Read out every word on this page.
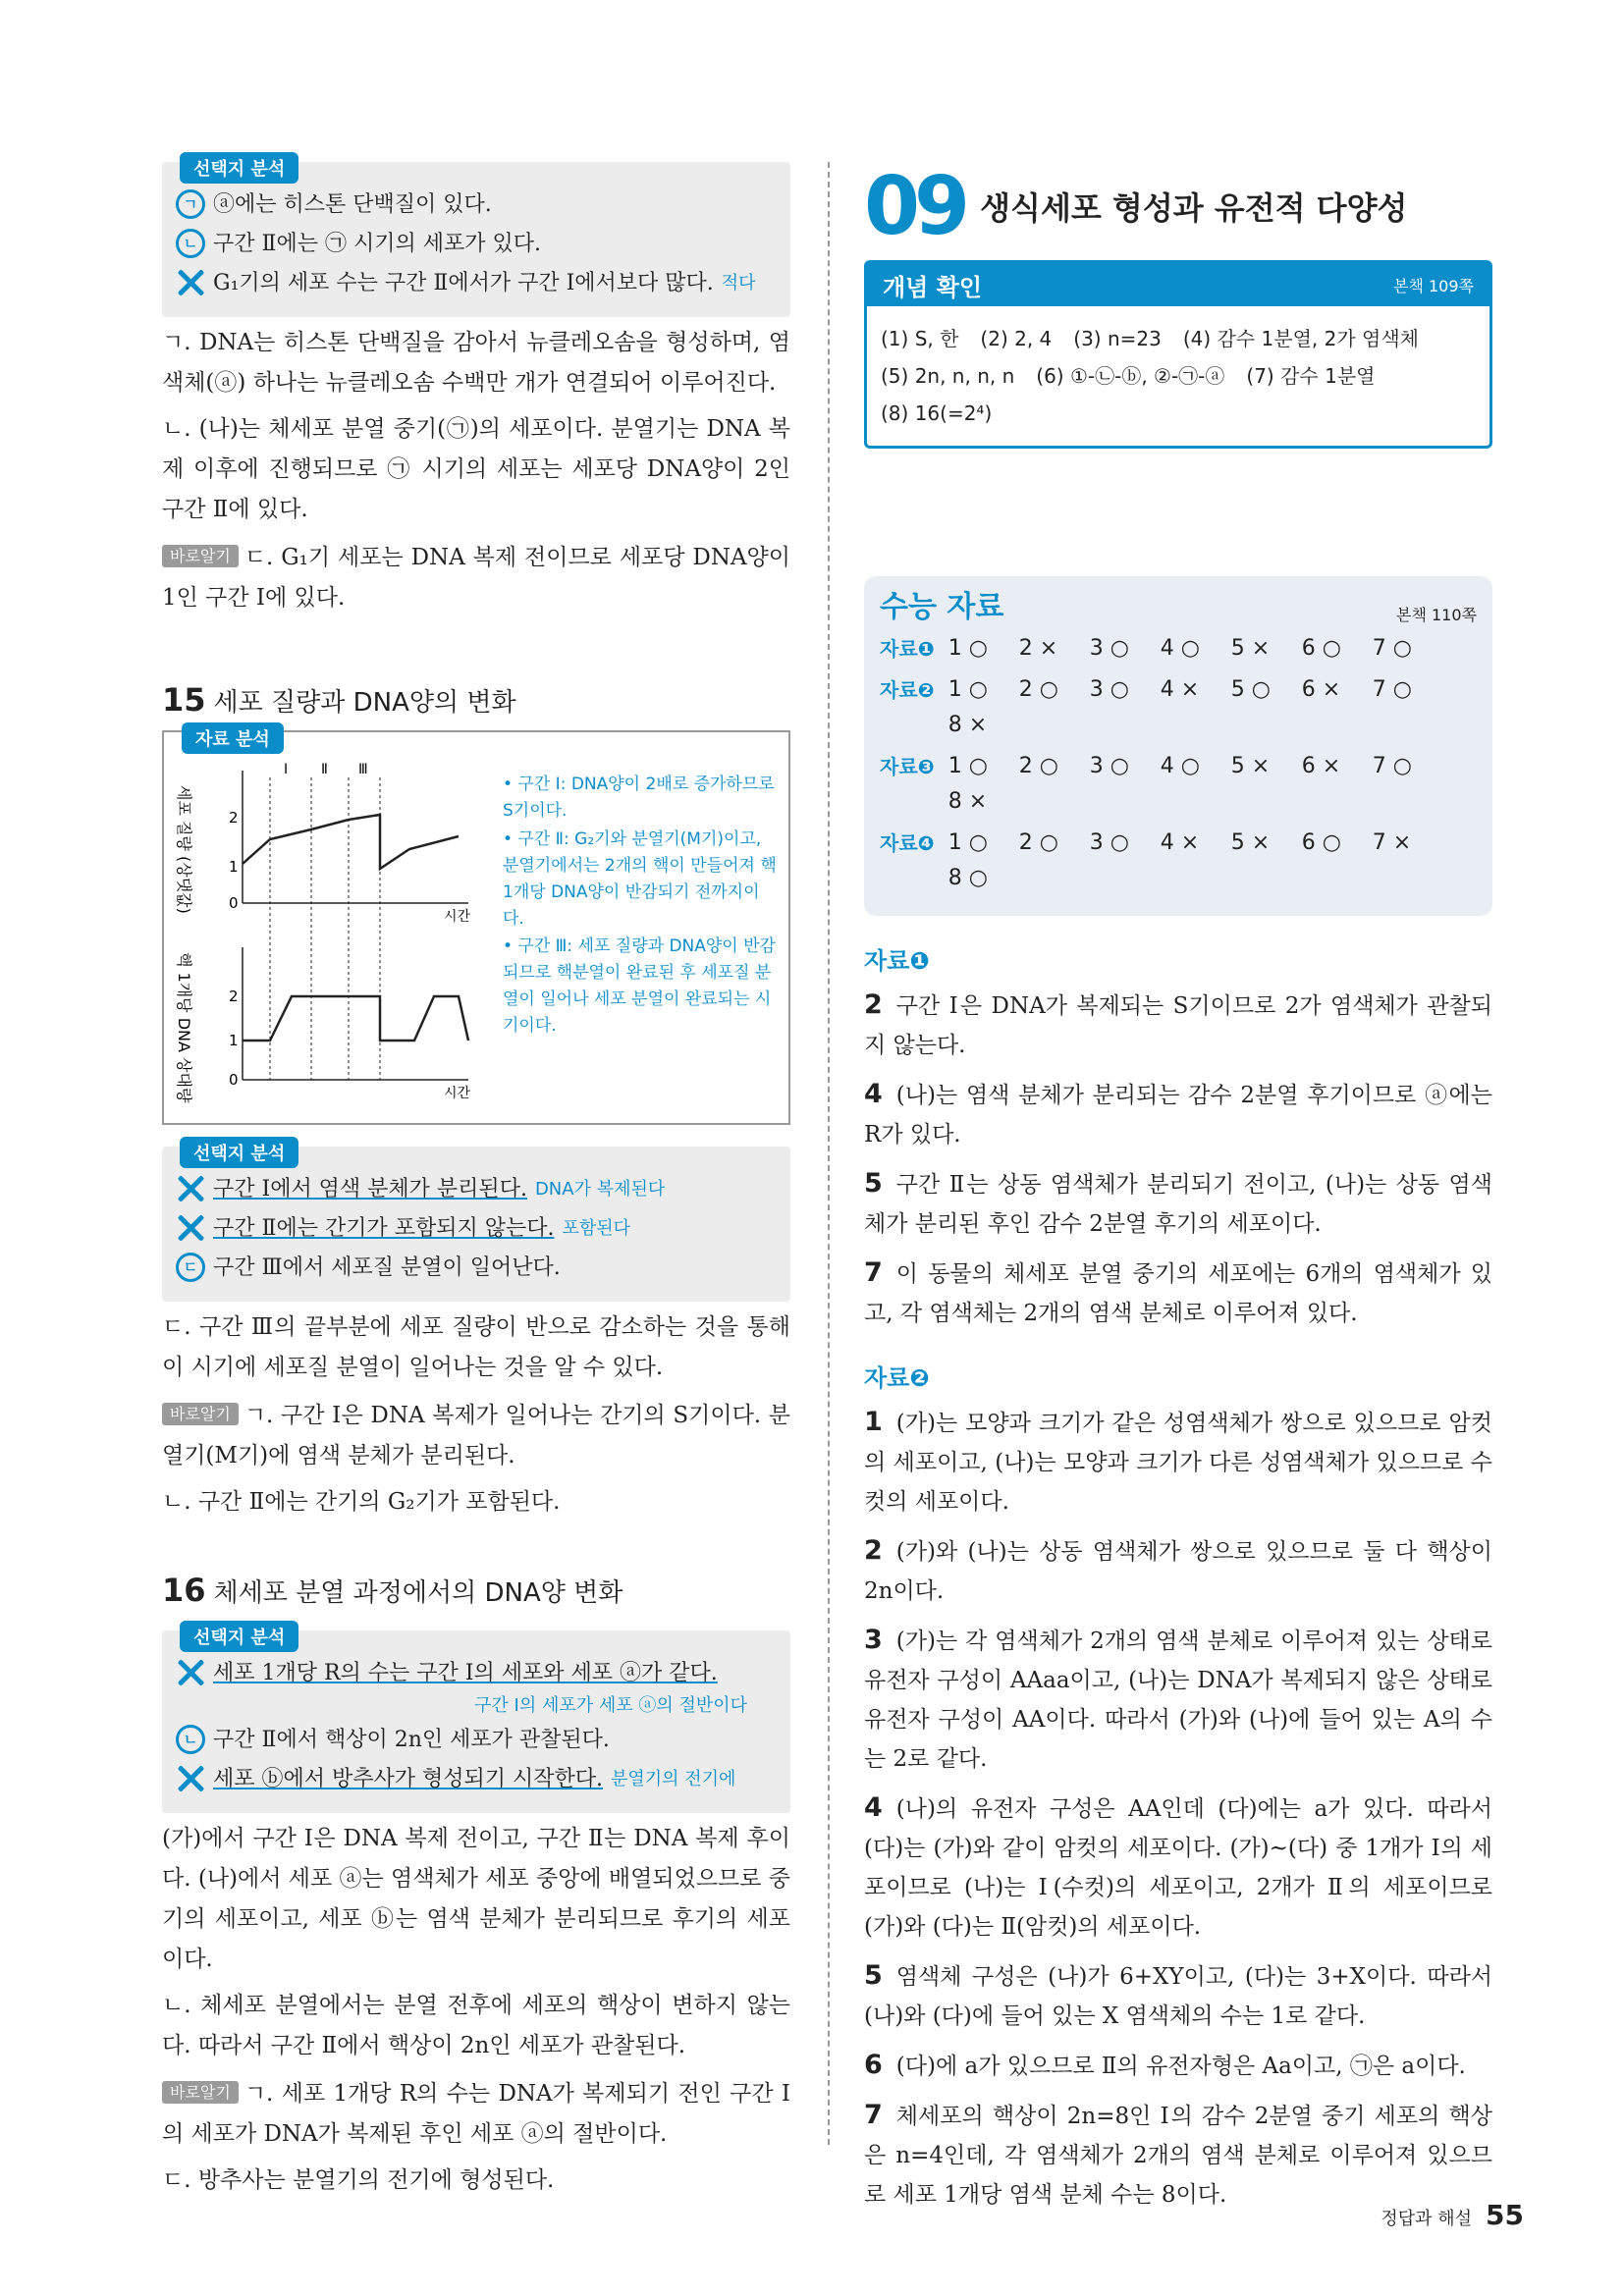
선택지 분석
ㄱ ⓐ에는 히스톤 단백질이 있다.
ㄴ 구간 Ⅱ에는 ㉠ 시기의 세포가 있다.
G₁기의 세포 수는 구간 Ⅱ에서가 구간 Ⅰ에서보다 많다. 적다

ㄱ. DNA는 히스톤 단백질을 감아서 뉴클레오솜을 형성하며, 염색체(ⓐ) 하나는 뉴클레오솜 수백만 개가 연결되어 이루어진다.

ㄴ. (나)는 체세포 분열 중기(㉠)의 세포이다. 분열기는 DNA 복제 이후에 진행되므로 ㉠ 시기의 세포는 세포당 DNA양이 2인 구간 Ⅱ에 있다.

바로알기 ㄷ. G₁기 세포는 DNA 복제 전이므로 세포당 DNA양이 1인 구간 Ⅰ에 있다.

15 세포 질량과 DNA양의 변화
자료 분석
세포 질량 (상댓값) 0
1
2
시간
Ⅰ Ⅱ Ⅲ
핵 1개당 DNA 상대량 0
1
2
시간
• 구간 Ⅰ: DNA양이 2배로 증가하므로 S기이다.
• 구간 Ⅱ: G₂기와 분열기(M기)이고, 분열기에서는 2개의 핵이 만들어져 핵 1개당 DNA양이 반감되기 전까지이다.
• 구간 Ⅲ: 세포 질량과 DNA양이 반감되므로 핵분열이 완료된 후 세포질 분열이 일어나 세포 분열이 완료되는 시기이다.
선택지 분석
구간 Ⅰ에서 염색 분체가 분리된다. DNA가 복제된다
구간 Ⅱ에는 간기가 포함되지 않는다. 포함된다
ㄷ 구간 Ⅲ에서 세포질 분열이 일어난다.

ㄷ. 구간 Ⅲ의 끝부분에 세포 질량이 반으로 감소하는 것을 통해 이 시기에 세포질 분열이 일어나는 것을 알 수 있다.

바로알기 ㄱ. 구간 Ⅰ은 DNA 복제가 일어나는 간기의 S기이다. 분열기(M기)에 염색 분체가 분리된다.

ㄴ. 구간 Ⅱ에는 간기의 G₂기가 포함된다.

16 체세포 분열 과정에서의 DNA양 변화
선택지 분석
세포 1개당 R의 수는 구간 Ⅰ의 세포와 세포 ⓐ가 같다.
구간 Ⅰ의 세포가 세포 ⓐ의 절반이다
ㄴ 구간 Ⅱ에서 핵상이 2n인 세포가 관찰된다.
세포 ⓑ에서 방추사가 형성되기 시작한다. 분열기의 전기에

(가)에서 구간 Ⅰ은 DNA 복제 전이고, 구간 Ⅱ는 DNA 복제 후이다. (나)에서 세포 ⓐ는 염색체가 세포 중앙에 배열되었으므로 중기의 세포이고, 세포 ⓑ는 염색 분체가 분리되므로 후기의 세포이다.

ㄴ. 체세포 분열에서는 분열 전후에 세포의 핵상이 변하지 않는다. 따라서 구간 Ⅱ에서 핵상이 2n인 세포가 관찰된다.

바로알기 ㄱ. 세포 1개당 R의 수는 DNA가 복제되기 전인 구간 Ⅰ의 세포가 DNA가 복제된 후인 세포 ⓐ의 절반이다.

ㄷ. 방추사는 분열기의 전기에 형성된다.

09 생식세포 형성과 유전적 다양성
개념 확인	본책 109쪽
(1) S, 한 (2) 2, 4 (3) n=23 (4) 감수 1분열, 2가 염색체
(5) 2n, n, n, n (6) ①-㉡-ⓑ, ②-㉠-ⓐ (7) 감수 1분열
(8) 16(=2⁴)
수능 자료	본책 110쪽
자료❶ 1 ○	2 ×	3 ○	4 ○	5 ×	6 ○	7 ○
자료❷ 1 ○	2 ○	3 ○	4 ×	5 ○	6 ×	7 ○
8 ×
자료❸ 1 ○	2 ○	3 ○	4 ○	5 ×	6 ×	7 ○
8 ×
자료❹ 1 ○	2 ○	3 ○	4 ×	5 ×	6 ○	7 ×
8 ○
자료❶

2 구간 Ⅰ은 DNA가 복제되는 S기이므로 2가 염색체가 관찰되지 않는다.

4 (나)는 염색 분체가 분리되는 감수 2분열 후기이므로 ⓐ에는 R가 있다.

5 구간 Ⅱ는 상동 염색체가 분리되기 전이고, (나)는 상동 염색체가 분리된 후인 감수 2분열 후기의 세포이다.

7 이 동물의 체세포 분열 중기의 세포에는 6개의 염색체가 있고, 각 염색체는 2개의 염색 분체로 이루어져 있다.

자료❷

1 (가)는 모양과 크기가 같은 성염색체가 쌍으로 있으므로 암컷의 세포이고, (나)는 모양과 크기가 다른 성염색체가 있으므로 수컷의 세포이다.

2 (가)와 (나)는 상동 염색체가 쌍으로 있으므로 둘 다 핵상이 2n이다.

3 (가)는 각 염색체가 2개의 염색 분체로 이루어져 있는 상태로 유전자 구성이 AAaa이고, (나)는 DNA가 복제되지 않은 상태로 유전자 구성이 AA이다. 따라서 (가)와 (나)에 들어 있는 A의 수는 2로 같다.

4 (나)의 유전자 구성은 AA인데 (다)에는 a가 있다. 따라서 (다)는 (가)와 같이 암컷의 세포이다. (가)~(다) 중 1개가 Ⅰ의 세포이므로 (나)는 Ⅰ(수컷)의 세포이고, 2개가 Ⅱ의 세포이므로 (가)와 (다)는 Ⅱ(암컷)의 세포이다.

5 염색체 구성은 (나)가 6+XY이고, (다)는 3+X이다. 따라서 (나)와 (다)에 들어 있는 X 염색체의 수는 1로 같다.

6 (다)에 a가 있으므로 Ⅱ의 유전자형은 Aa이고, ㉠은 a이다.

7 체세포의 핵상이 2n=8인 Ⅰ의 감수 2분열 중기 세포의 핵상은 n=4인데, 각 염색체가 2개의 염색 분체로 이루어져 있으므로 세포 1개당 염색 분체 수는 8이다.

정답과 해설 55
